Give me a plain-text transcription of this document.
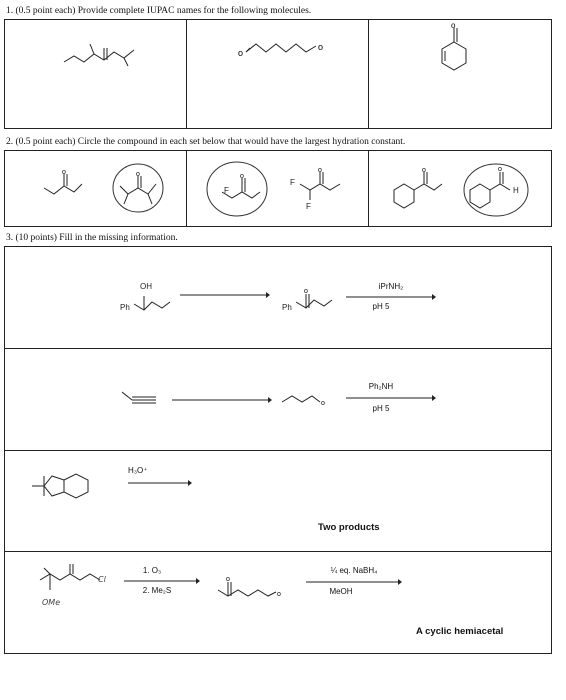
1. (0.5 point each) Provide complete IUPAC names for the following molecules.
o
o
o
2. (0.5 point each) Circle the compound in each set below that would have the largest hydration constant.
o	o	o
F
o
F
F
o	o
H
3. (10 points) Fill in the missing information.
OH
Ph	Ph
o
iPrNH₂
pH 5
o
Ph₂NH
pH 5
H₃O⁺
Two products
Cl
OMe
1. O₃
2. Me₂S
o
o
¼ eq. NaBH₄
MeOH
A cyclic hemiacetal
